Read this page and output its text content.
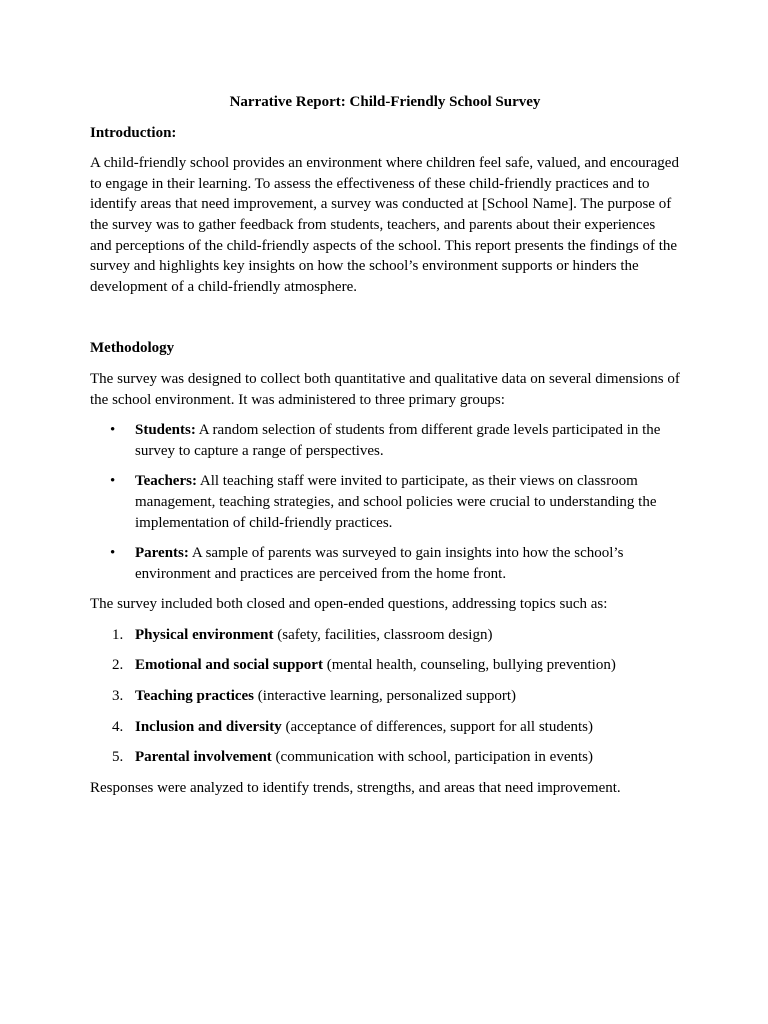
Narrative Report: Child-Friendly School Survey
Introduction:

A child-friendly school provides an environment where children feel safe, valued, and encouraged to engage in their learning. To assess the effectiveness of these child-friendly practices and to identify areas that need improvement, a survey was conducted at [School Name]. The purpose of the survey was to gather feedback from students, teachers, and parents about their experiences and perceptions of the child-friendly aspects of the school. This report presents the findings of the survey and highlights key insights on how the school’s environment supports or hinders the development of a child-friendly atmosphere.

Methodology

The survey was designed to collect both quantitative and qualitative data on several dimensions of the school environment. It was administered to three primary groups:

• Students: A random selection of students from different grade levels participated in the survey to capture a range of perspectives.
• Teachers: All teaching staff were invited to participate, as their views on classroom management, teaching strategies, and school policies were crucial to understanding the implementation of child-friendly practices.
• Parents: A sample of parents was surveyed to gain insights into how the school’s environment and practices are perceived from the home front.

The survey included both closed and open-ended questions, addressing topics such as:

1. Physical environment (safety, facilities, classroom design)
2. Emotional and social support (mental health, counseling, bullying prevention)
3. Teaching practices (interactive learning, personalized support)
4. Inclusion and diversity (acceptance of differences, support for all students)
5. Parental involvement (communication with school, participation in events)

Responses were analyzed to identify trends, strengths, and areas that need improvement.
